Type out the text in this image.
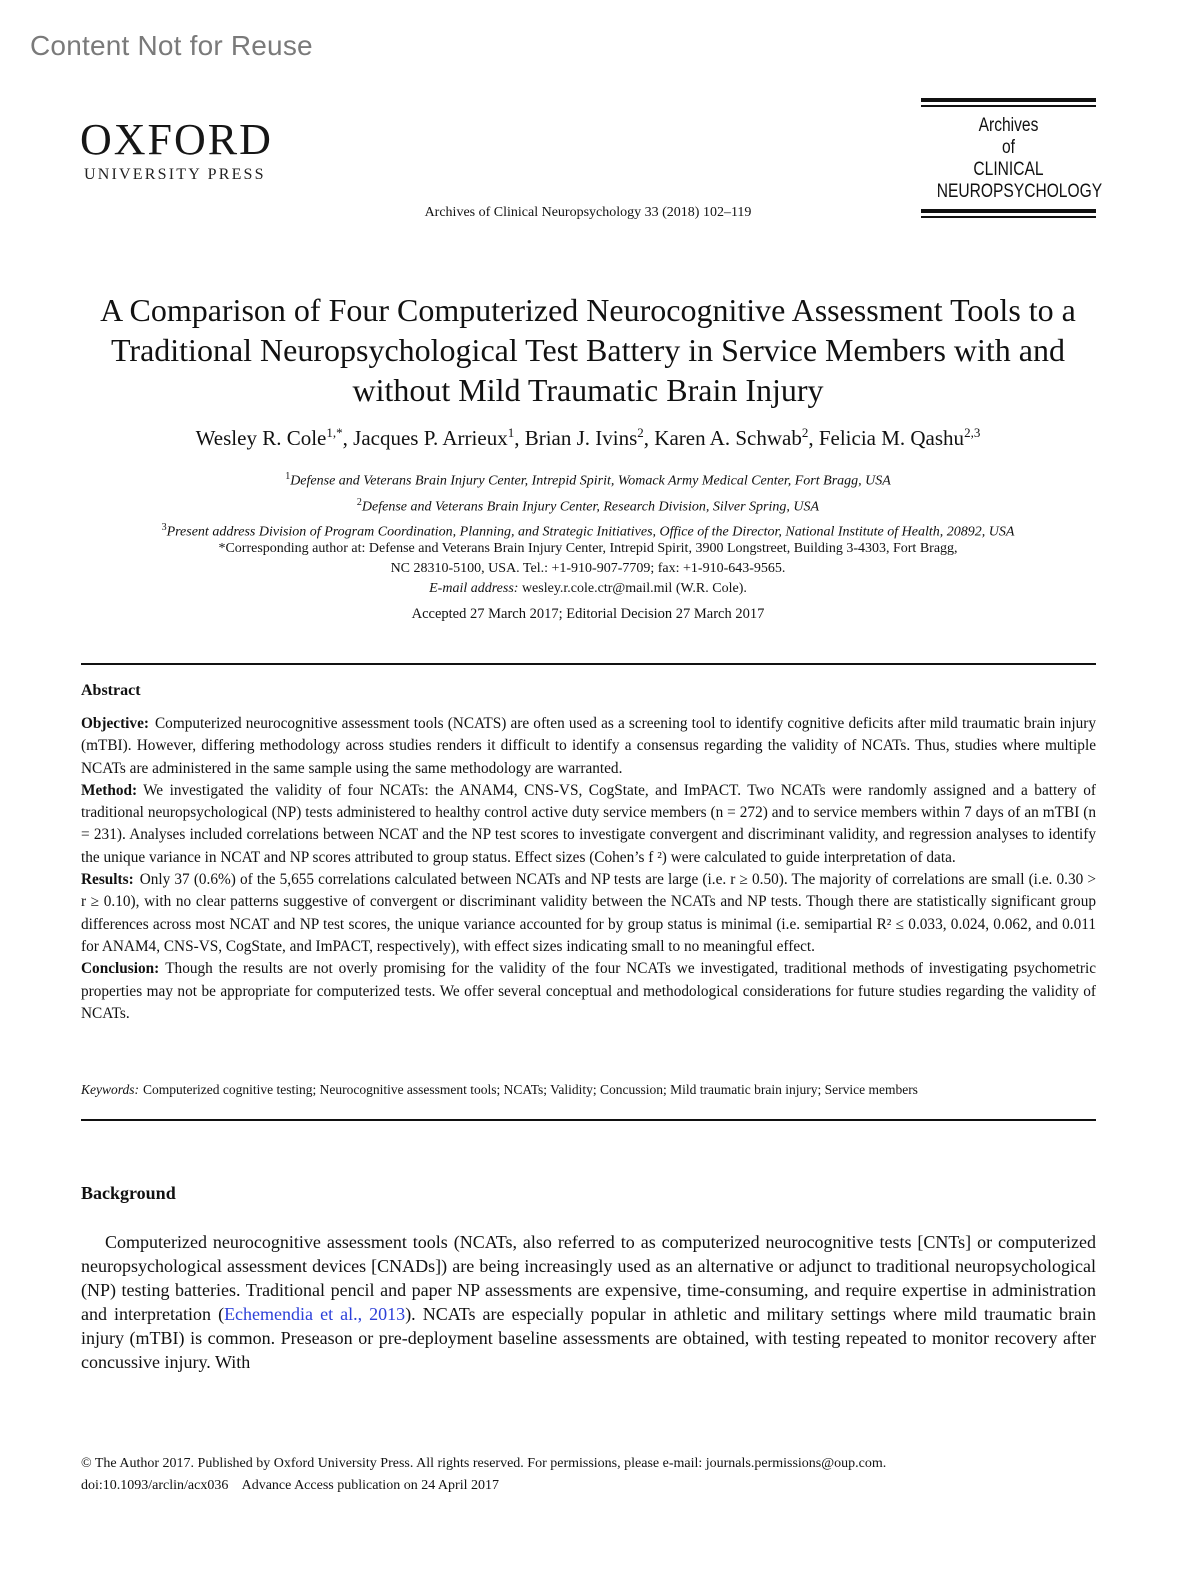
Content Not for Reuse
OXFORD
UNIVERSITY PRESS
Archives
of
CLINICAL
NEUROPSYCHOLOGY
Archives of Clinical Neuropsychology 33 (2018) 102–119
A Comparison of Four Computerized Neurocognitive Assessment Tools to a Traditional Neuropsychological Test Battery in Service Members with and without Mild Traumatic Brain Injury
Wesley R. Cole$^{1,*}$, Jacques P. Arrieux$^1$, Brian J. Ivins$^2$, Karen A. Schwab$^2$, Felicia M. Qashu$^{2,3}$
$^1$Defense and Veterans Brain Injury Center, Intrepid Spirit, Womack Army Medical Center, Fort Bragg, USA
$^2$Defense and Veterans Brain Injury Center, Research Division, Silver Spring, USA
$^3$Present address Division of Program Coordination, Planning, and Strategic Initiatives, Office of the Director, National Institute of Health, 20892, USA
*Corresponding author at: Defense and Veterans Brain Injury Center, Intrepid Spirit, 3900 Longstreet, Building 3-4303, Fort Bragg,
NC 28310-5100, USA. Tel.: +1-910-907-7709; fax: +1-910-643-9565.
E-mail address: wesley.r.cole.ctr@mail.mil (W.R. Cole).
Accepted 27 March 2017; Editorial Decision 27 March 2017
Abstract

Objective: Computerized neurocognitive assessment tools (NCATS) are often used as a screening tool to identify cognitive deficits after mild traumatic brain injury (mTBI). However, differing methodology across studies renders it difficult to identify a consensus regarding the validity of NCATs. Thus, studies where multiple NCATs are administered in the same sample using the same methodology are warranted.

Method: We investigated the validity of four NCATs: the ANAM4, CNS-VS, CogState, and ImPACT. Two NCATs were randomly assigned and a battery of traditional neuropsychological (NP) tests administered to healthy control active duty service members (n = 272) and to service members within 7 days of an mTBI (n = 231). Analyses included correlations between NCAT and the NP test scores to investigate convergent and discriminant validity, and regression analyses to identify the unique variance in NCAT and NP scores attributed to group status. Effect sizes (Cohen’s f ²) were calculated to guide interpretation of data.

Results: Only 37 (0.6%) of the 5,655 correlations calculated between NCATs and NP tests are large (i.e. r ≥ 0.50). The majority of correlations are small (i.e. 0.30 > r ≥ 0.10), with no clear patterns suggestive of convergent or discriminant validity between the NCATs and NP tests. Though there are statistically significant group differences across most NCAT and NP test scores, the unique variance accounted for by group status is minimal (i.e. semipartial R² ≤ 0.033, 0.024, 0.062, and 0.011 for ANAM4, CNS-VS, CogState, and ImPACT, respectively), with effect sizes indicating small to no meaningful effect.

Conclusion: Though the results are not overly promising for the validity of the four NCATs we investigated, traditional methods of investigating psychometric properties may not be appropriate for computerized tests. We offer several conceptual and methodological considerations for future studies regarding the validity of NCATs.

Keywords: Computerized cognitive testing; Neurocognitive assessment tools; NCATs; Validity; Concussion; Mild traumatic brain injury; Service members
Background
Computerized neurocognitive assessment tools (NCATs, also referred to as computerized neurocognitive tests [CNTs] or computerized neuropsychological assessment devices [CNADs]) are being increasingly used as an alternative or adjunct to traditional neuropsychological (NP) testing batteries. Traditional pencil and paper NP assessments are expensive, time-consuming, and require expertise in administration and interpretation (Echemendia et al., 2013). NCATs are especially popular in athletic and military settings where mild traumatic brain injury (mTBI) is common. Preseason or pre-deployment baseline assessments are obtained, with testing repeated to monitor recovery after concussive injury. With
© The Author 2017. Published by Oxford University Press. All rights reserved. For permissions, please e-mail: journals.permissions@oup.com.
doi:10.1093/arclin/acx036    Advance Access publication on 24 April 2017
